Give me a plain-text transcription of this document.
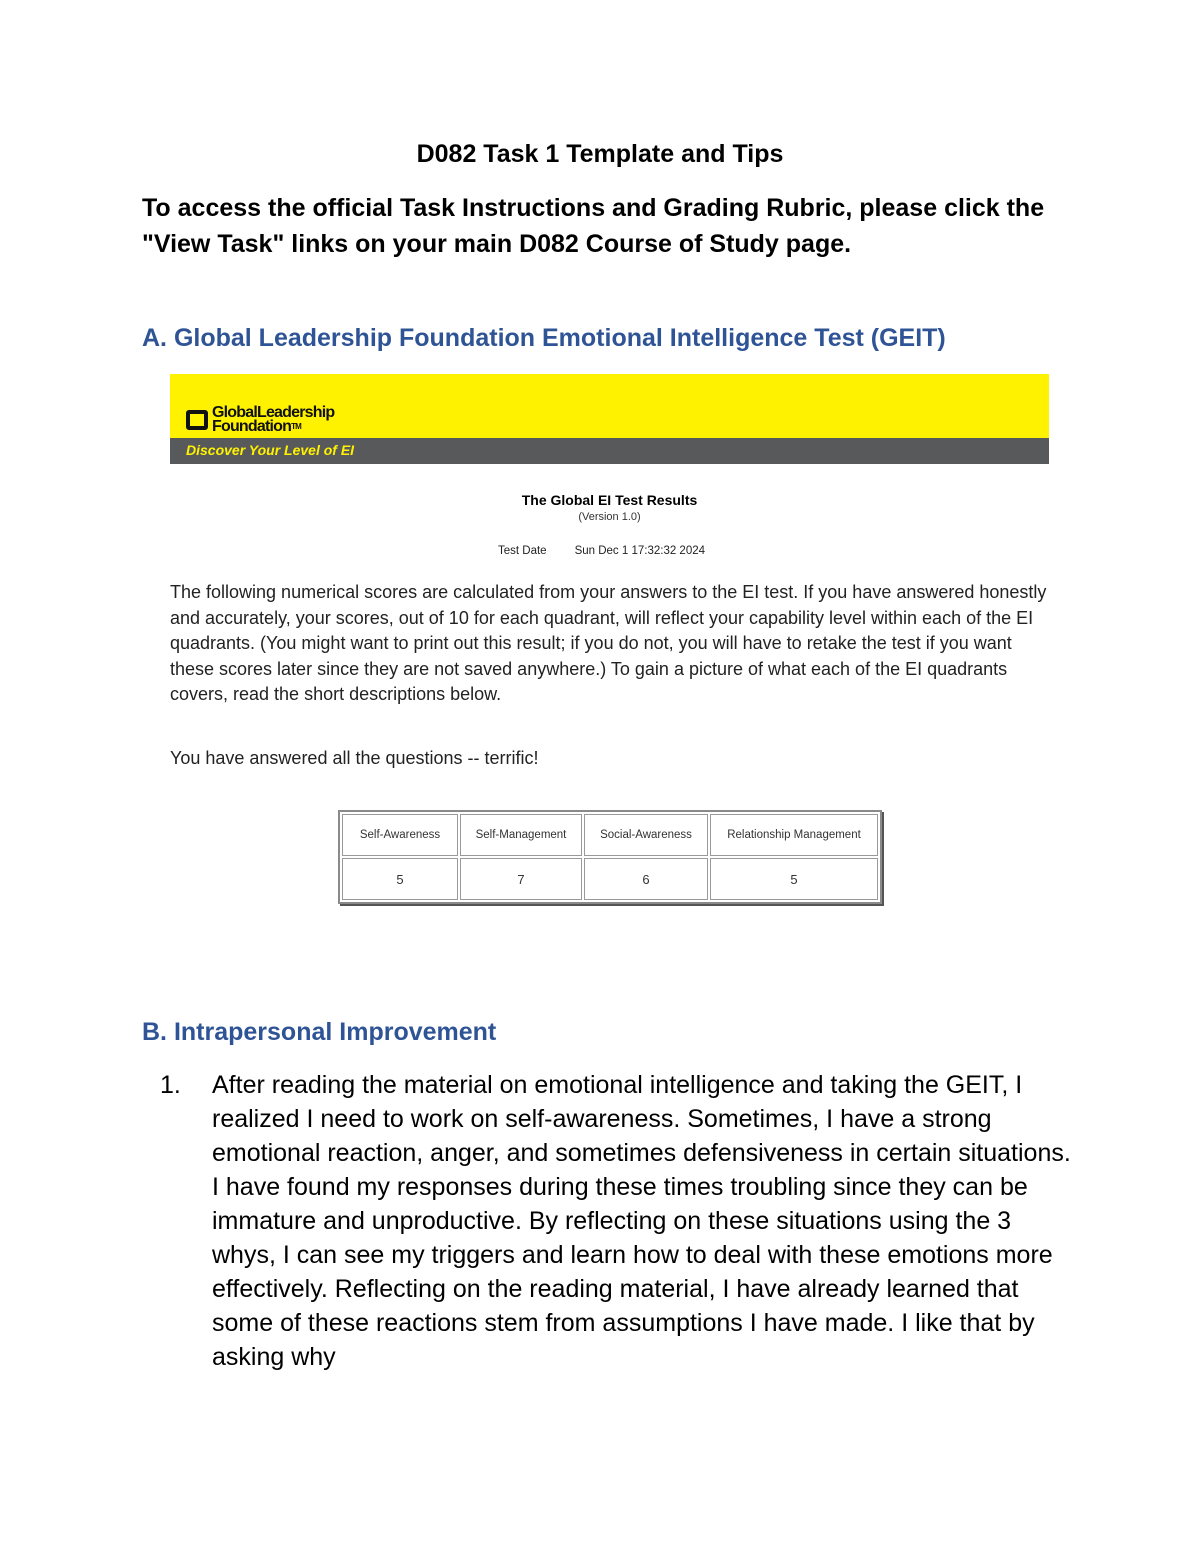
D082 Task 1 Template and Tips

To access the official Task Instructions and Grading Rubric, please click the "View Task" links on your main D082 Course of Study page.

A. Global Leadership Foundation Emotional Intelligence Test (GEIT)
GlobalLeadership
FoundationTM
Discover Your Level of EI
The Global EI Test Results
(Version 1.0)
Test Date Sun Dec 1 17:32:32 2024

The following numerical scores are calculated from your answers to the EI test. If you have answered honestly and accurately, your scores, out of 10 for each quadrant, will reflect your capability level within each of the EI quadrants. (You might want to print out this result; if you do not, you will have to retake the test if you want these scores later since they are not saved anywhere.) To gain a picture of what each of the EI quadrants covers, read the short descriptions below.

You have answered all the questions -- terrific!

Self-Awareness	Self-Management	Social-Awareness	Relationship Management
5	7	6	5
B. Intrapersonal Improvement
1. After reading the material on emotional intelligence and taking the GEIT, I realized I need to work on self-awareness. Sometimes, I have a strong emotional reaction, anger, and sometimes defensiveness in certain situations. I have found my responses during these times troubling since they can be immature and unproductive. By reflecting on these situations using the 3 whys, I can see my triggers and learn how to deal with these emotions more effectively. Reflecting on the reading material, I have already learned that some of these reactions stem from assumptions I have made. I like that by asking why
